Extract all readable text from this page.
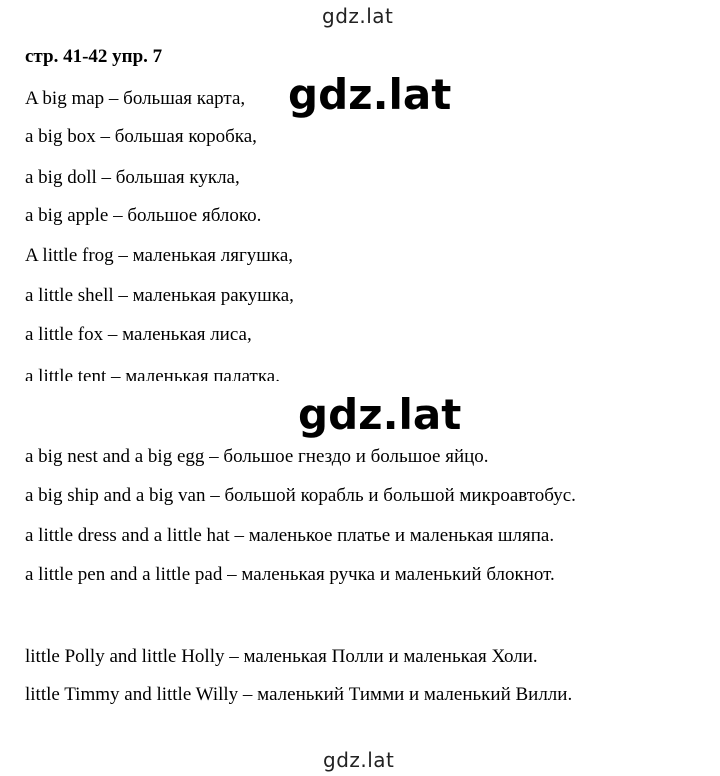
gdz.lat
стр. 41-42 упр. 7
A big map – большая карта,
a big box – большая коробка,
a big doll – большая кукла,
a big apple – большое яблоко.
A little frog – маленькая лягушка,
a little shell – маленькая ракушка,
a little fox – маленькая лиса,
a little tent – маленькая палатка.
gdz.lat
gdz.lat
a big nest and a big egg – большое гнездо и большое яйцо.
a big ship and a big van – большой корабль и большой микроавтобус.
a little dress and a little hat – маленькое платье и маленькая шляпа.
a little pen and a little pad – маленькая ручка и маленький блокнот.
little Polly and little Holly – маленькая Полли и маленькая Холи.
little Timmy and little Willy – маленький Тимми и маленький Вилли.
gdz.lat
